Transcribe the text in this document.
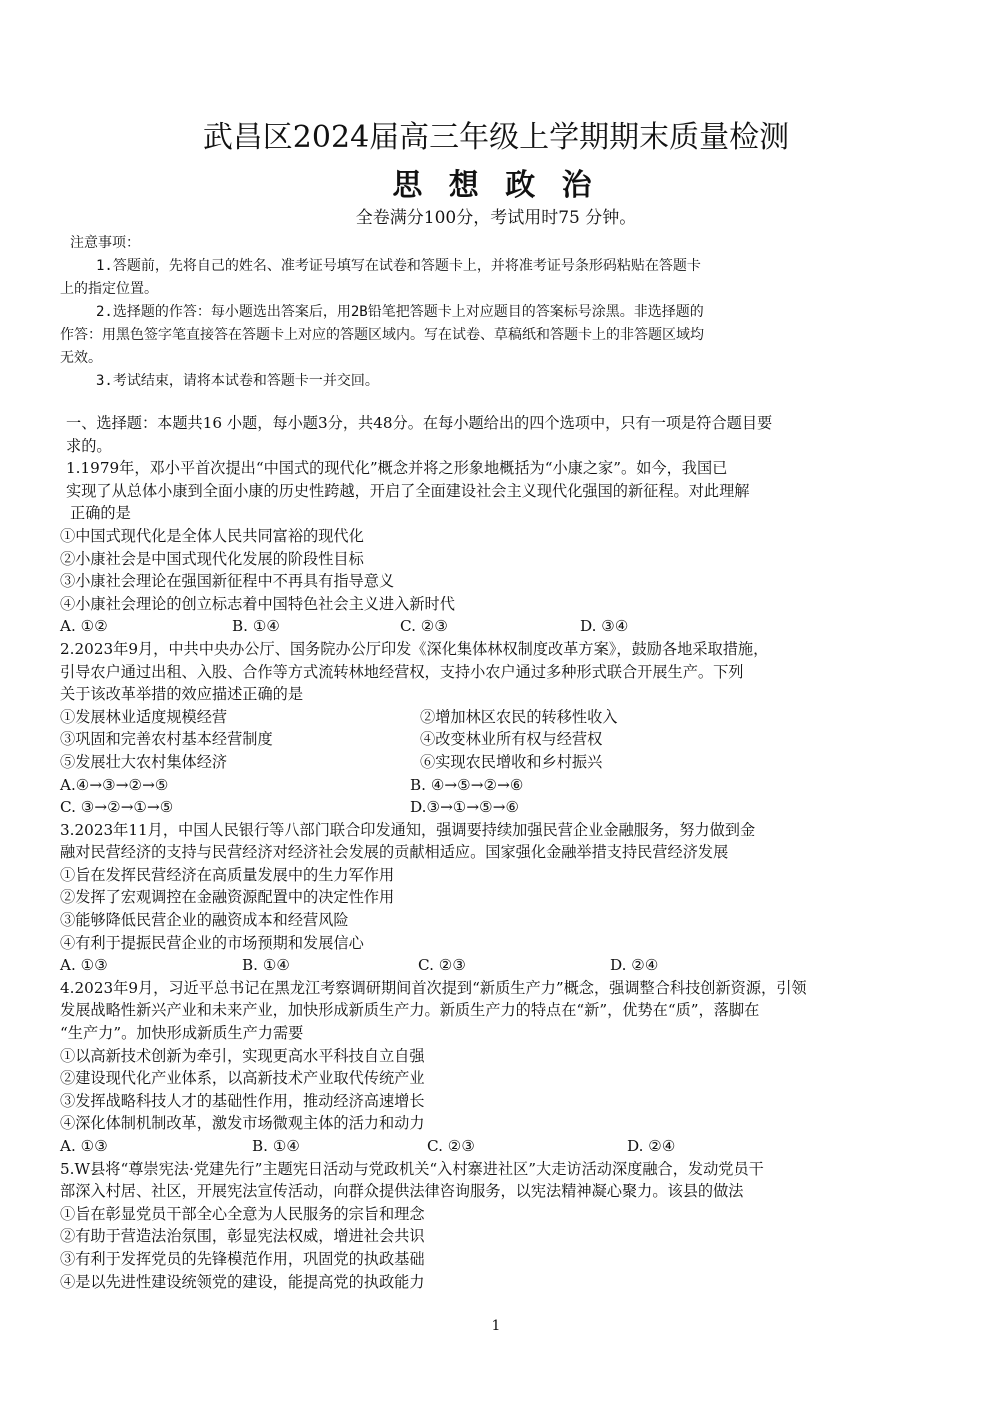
武昌区2024届高三年级上学期期末质量检测
思 想 政 治
全卷满分100分，考试用时75 分钟。

注意事项：

1.答题前，先将自己的姓名、准考证号填写在试卷和答题卡上，并将准考证号条形码粘贴在答题卡

上的指定位置。

2.选择题的作答：每小题选出答案后，用2B铅笔把答题卡上对应题目的答案标号涂黑。非选择题的

作答：用黑色签字笔直接答在答题卡上对应的答题区域内。写在试卷、草稿纸和答题卡上的非答题区域均

无效。

3.考试结束，请将本试卷和答题卡一并交回。

一、选择题：本题共16 小题，每小题3分，共48分。在每小题给出的四个选项中，只有一项是符合题目要

求的。

1.1979年，邓小平首次提出“中国式的现代化”概念并将之形象地概括为“小康之家”。如今，我国已

实现了从总体小康到全面小康的历史性跨越，开启了全面建设社会主义现代化强国的新征程。对此理解

正确的是

①中国式现代化是全体人民共同富裕的现代化

②小康社会是中国式现代化发展的阶段性目标

③小康社会理论在强国新征程中不再具有指导意义

④小康社会理论的创立标志着中国特色社会主义进入新时代

A. ①②	B. ①④	C. ②③	D. ③④

2.2023年9月，中共中央办公厅、国务院办公厅印发《深化集体林权制度改革方案》，鼓励各地采取措施，

引导农户通过出租、入股、合作等方式流转林地经营权，支持小农户通过多种形式联合开展生产。下列

关于该改革举措的效应描述正确的是

①发展林业适度规模经营	②增加林区农民的转移性收入
③巩固和完善农村基本经营制度	④改变林业所有权与经营权
⑤发展壮大农村集体经济	⑥实现农民增收和乡村振兴
A.④→③→②→⑤	B. ④→⑤→②→⑥
C. ③→②→①→⑤	D.③→①→⑤→⑥

3.2023年11月，中国人民银行等八部门联合印发通知，强调要持续加强民营企业金融服务，努力做到金

融对民营经济的支持与民营经济对经济社会发展的贡献相适应。国家强化金融举措支持民营经济发展

①旨在发挥民营经济在高质量发展中的生力军作用

②发挥了宏观调控在金融资源配置中的决定性作用

③能够降低民营企业的融资成本和经营风险

④有利于提振民营企业的市场预期和发展信心

A. ①③	B. ①④	C. ②③	D. ②④

4.2023年9月，习近平总书记在黑龙江考察调研期间首次提到“新质生产力”概念，强调整合科技创新资源，引领

发展战略性新兴产业和未来产业，加快形成新质生产力。新质生产力的特点在“新”，优势在“质”，落脚在

“生产力”。加快形成新质生产力需要

①以高新技术创新为牵引，实现更高水平科技自立自强

②建设现代化产业体系，以高新技术产业取代传统产业

③发挥战略科技人才的基础性作用，推动经济高速增长

④深化体制机制改革，激发市场微观主体的活力和动力

A. ①③	B. ①④	C. ②③	D. ②④

5.W县将“尊崇宪法·党建先行”主题宪日活动与党政机关“入村寨进社区”大走访活动深度融合，发动党员干

部深入村居、社区，开展宪法宣传活动，向群众提供法律咨询服务，以宪法精神凝心聚力。该县的做法

①旨在彰显党员干部全心全意为人民服务的宗旨和理念

②有助于营造法治氛围，彰显宪法权威，增进社会共识

③有利于发挥党员的先锋模范作用，巩固党的执政基础

④是以先进性建设统领党的建设，能提高党的执政能力

1
